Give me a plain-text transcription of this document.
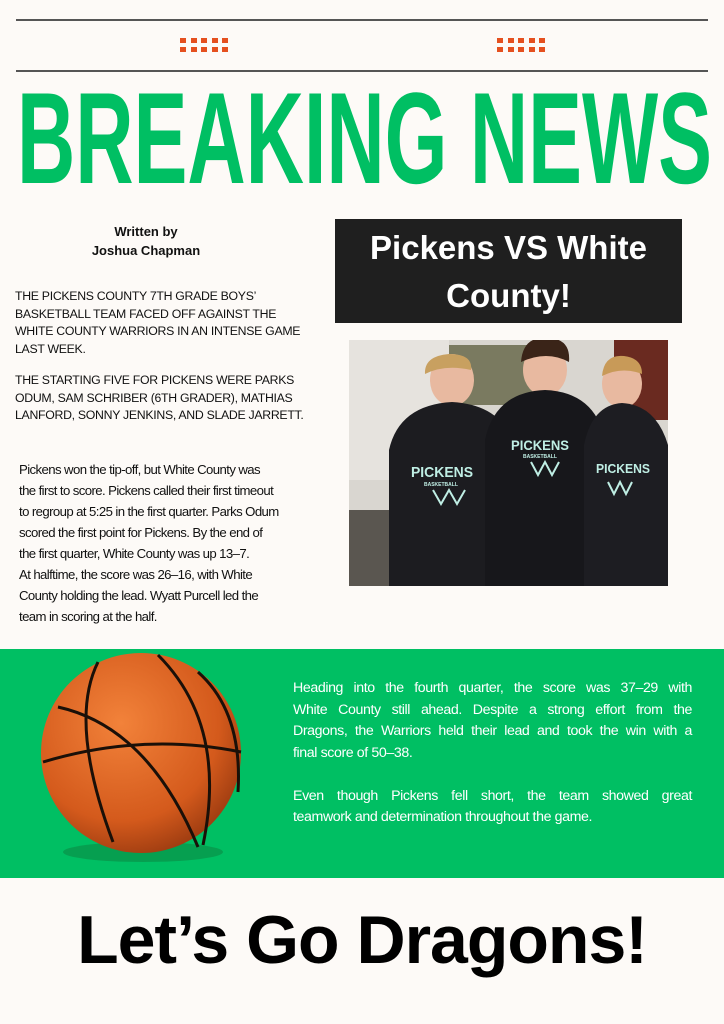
BREAKING NEWS
Written by
Joshua Chapman
THE PICKENS COUNTY 7TH GRADE BOYS’
BASKETBALL TEAM FACED OFF AGAINST THE
WHITE COUNTY WARRIORS IN AN INTENSE GAME
LAST WEEK.
THE STARTING FIVE FOR PICKENS WERE PARKS
ODUM, SAM SCHRIBER (6TH GRADER), MATHIAS
LANFORD, SONNY JENKINS, AND SLADE JARRETT.
Pickens won the tip-off, but White County was
the first to score. Pickens called their first timeout
to regroup at 5:25 in the first quarter. Parks Odum
scored the first point for Pickens. By the end of
the first quarter, White County was up 13–7.
At halftime, the score was 26–16, with White
County holding the lead. Wyatt Purcell led the
team in scoring at the half.
Pickens VS White
County!
PICKENS
PICKENS
PICKENS
BASKETBALL
BASKETBALL
Heading into the fourth quarter, the score was 37–29 with
White County still ahead. Despite a strong effort from the
Dragons, the Warriors held their lead and took the win with a
final score of 50–38.
Even though Pickens fell short, the team showed great
teamwork and determination throughout the game.
Let’s Go Dragons!
